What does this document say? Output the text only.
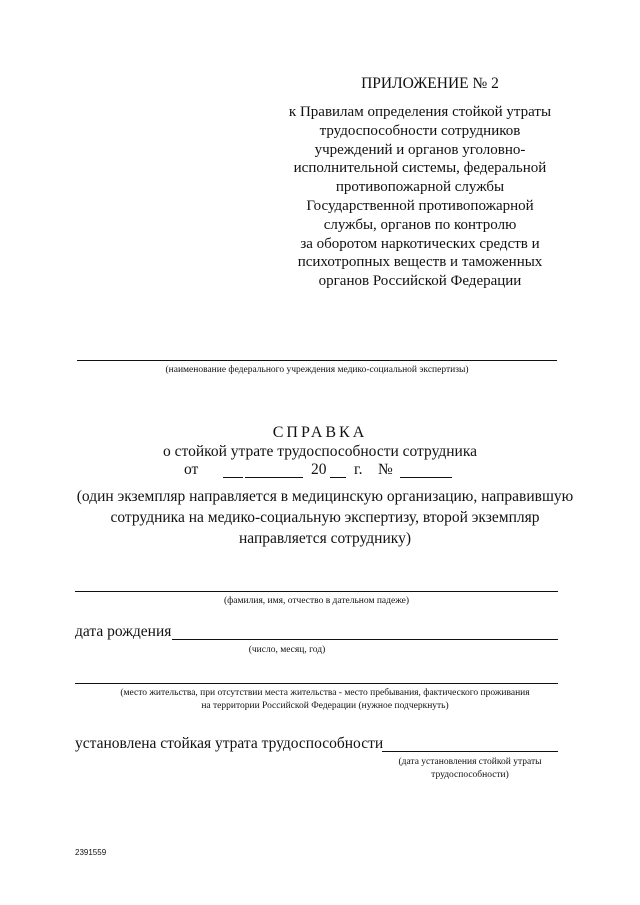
ПРИЛОЖЕНИЕ № 2
к Правилам определения стойкой утраты
трудоспособности сотрудников
учреждений и органов уголовно-
исполнительной системы, федеральной
противопожарной службы
Государственной противопожарной
службы, органов по контролю
за оборотом наркотических средств и
психотропных веществ и таможенных
органов Российской Федерации
(наименование федерального учреждения медико-социальной экспертизы)
СПРАВКА
о стойкой утрате трудоспособности сотрудника
от	20 г. №
(один экземпляр направляется в медицинскую организацию, направившую
сотрудника на медико-социальную экспертизу, второй экземпляр
направляется сотруднику)
(фамилия, имя, отчество в дательном падеже)
дата рождения
(число, месяц, год)
(место жительства, при отсутствии места жительства - место пребывания, фактического проживания
на территории Российской Федерации (нужное подчеркнуть)
установлена стойкая утрата трудоспособности
(дата установления стойкой утраты
трудоспособности)
2391559
